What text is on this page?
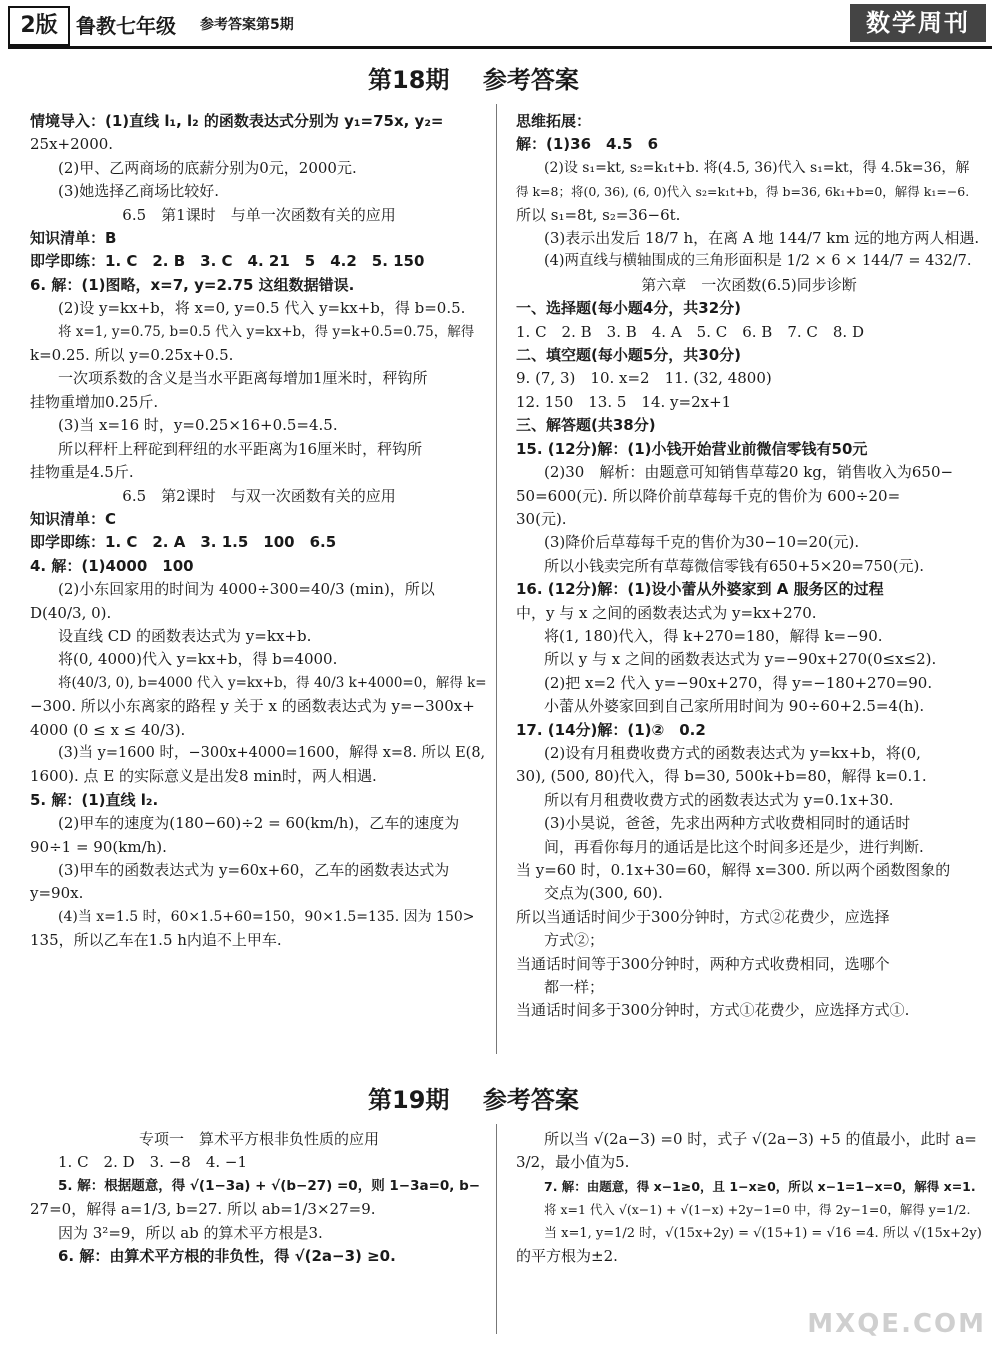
2版 鲁教七年级 参考答案第5期	数学周刊
第18期    参考答案

情境导入：(1)直线 l₁, l₂ 的函数表达式分别为 y₁=75x, y₂=

25x+2000.

(2)甲、乙两商场的底薪分别为0元，2000元.

(3)她选择乙商场比较好.

6.5　第1课时　与单一次函数有关的应用

知识清单：B

即学即练：1. C　2. B　3. C　4. 21　5　4.2　5. 150

6. 解：(1)图略，x=7, y=2.75 这组数据错误.

(2)设 y=kx+b，将 x=0, y=0.5 代入 y=kx+b，得 b=0.5.

将 x=1, y=0.75, b=0.5 代入 y=kx+b，得 y=k+0.5=0.75，解得

k=0.25. 所以 y=0.25x+0.5.

一次项系数的含义是当水平距离每增加1厘米时，秤钩所

挂物重增加0.25斤.

(3)当 x=16 时，y=0.25×16+0.5=4.5.

所以秤杆上秤砣到秤纽的水平距离为16厘米时，秤钩所

挂物重是4.5斤.

6.5　第2课时　与双一次函数有关的应用

知识清单：C

即学即练：1. C　2. A　3. 1.5　100　6.5

4. 解：(1)4000　100

(2)小东回家用的时间为 4000÷300=40/3 (min)，所以

D(40/3, 0).

设直线 CD 的函数表达式为 y=kx+b.

将(0, 4000)代入 y=kx+b，得 b=4000.

将(40/3, 0), b=4000 代入 y=kx+b，得 40/3 k+4000=0，解得 k=

−300. 所以小东离家的路程 y 关于 x 的函数表达式为 y=−300x+

4000 (0 ≤ x ≤ 40/3).

(3)当 y=1600 时，−300x+4000=1600，解得 x=8. 所以 E(8,

1600). 点 E 的实际意义是出发8 min时，两人相遇.

5. 解：(1)直线 l₂.

(2)甲车的速度为(180−60)÷2 = 60(km/h)，乙车的速度为

90÷1 = 90(km/h).

(3)甲车的函数表达式为 y=60x+60，乙车的函数表达式为

y=90x.

(4)当 x=1.5 时，60×1.5+60=150，90×1.5=135. 因为 150>

135，所以乙车在1.5 h内追不上甲车.

思维拓展：

解：(1)36　4.5　6

(2)设 s₁=kt, s₂=k₁t+b. 将(4.5, 36)代入 s₁=kt，得 4.5k=36，解

得 k=8；将(0, 36), (6, 0)代入 s₂=k₁t+b，得 b=36, 6k₁+b=0，解得 k₁=−6.

所以 s₁=8t, s₂=36−6t.

(3)表示出发后 18/7 h，在离 A 地 144/7 km 远的地方两人相遇.

(4)两直线与横轴围成的三角形面积是 1/2 × 6 × 144/7 = 432/7.

第六章　一次函数(6.5)同步诊断

一、选择题(每小题4分，共32分)

1. C　2. B　3. B　4. A　5. C　6. B　7. C　8. D

二、填空题(每小题5分，共30分)

9. (7, 3)　10. x=2　11. (32, 4800)

12. 150　13. 5　14. y=2x+1

三、解答题(共38分)

15. (12分)解：(1)小钱开始营业前微信零钱有50元

(2)30　解析：由题意可知销售草莓20 kg，销售收入为650−

50=600(元). 所以降价前草莓每千克的售价为 600÷20=

30(元).

(3)降价后草莓每千克的售价为30−10=20(元).

所以小钱卖完所有草莓微信零钱有650+5×20=750(元).

16. (12分)解：(1)设小蕾从外婆家到 A 服务区的过程

中，y 与 x 之间的函数表达式为 y=kx+270.

将(1, 180)代入，得 k+270=180，解得 k=−90.

所以 y 与 x 之间的函数表达式为 y=−90x+270(0≤x≤2).

(2)把 x=2 代入 y=−90x+270，得 y=−180+270=90.

小蕾从外婆家回到自己家所用时间为 90÷60+2.5=4(h).

17. (14分)解：(1)②　0.2

(2)设有月租费收费方式的函数表达式为 y=kx+b，将(0,

30), (500, 80)代入，得 b=30, 500k+b=80，解得 k=0.1.

所以有月租费收费方式的函数表达式为 y=0.1x+30.

(3)小昊说，爸爸，先求出两种方式收费相同时的通话时

间，再看你每月的通话是比这个时间多还是少，进行判断.

当 y=60 时，0.1x+30=60，解得 x=300. 所以两个函数图象的

交点为(300, 60).

所以当通话时间少于300分钟时，方式②花费少，应选择

方式②；

当通话时间等于300分钟时，两种方式收费相同，选哪个

都一样；

当通话时间多于300分钟时，方式①花费少，应选择方式①.

第19期    参考答案

专项一　算术平方根非负性质的应用

1. C　2. D　3. −8　4. −1

5. 解：根据题意，得 √(1−3a) + √(b−27) =0，则 1−3a=0, b−

27=0，解得 a=1/3, b=27. 所以 ab=1/3×27=9.

因为 3²=9，所以 ab 的算术平方根是3.

6. 解：由算术平方根的非负性，得 √(2a−3) ≥0.

所以当 √(2a−3) =0 时，式子 √(2a−3) +5 的值最小，此时 a=

3/2，最小值为5.

7. 解：由题意，得 x−1≥0，且 1−x≥0，所以 x−1=1−x=0，解得 x=1.

将 x=1 代入 √(x−1) + √(1−x) +2y−1=0 中，得 2y−1=0，解得 y=1/2.

当 x=1, y=1/2 时，√(15x+2y) = √(15+1) = √16 =4. 所以 √(15x+2y)

的平方根为±2.

MXQE.COM
